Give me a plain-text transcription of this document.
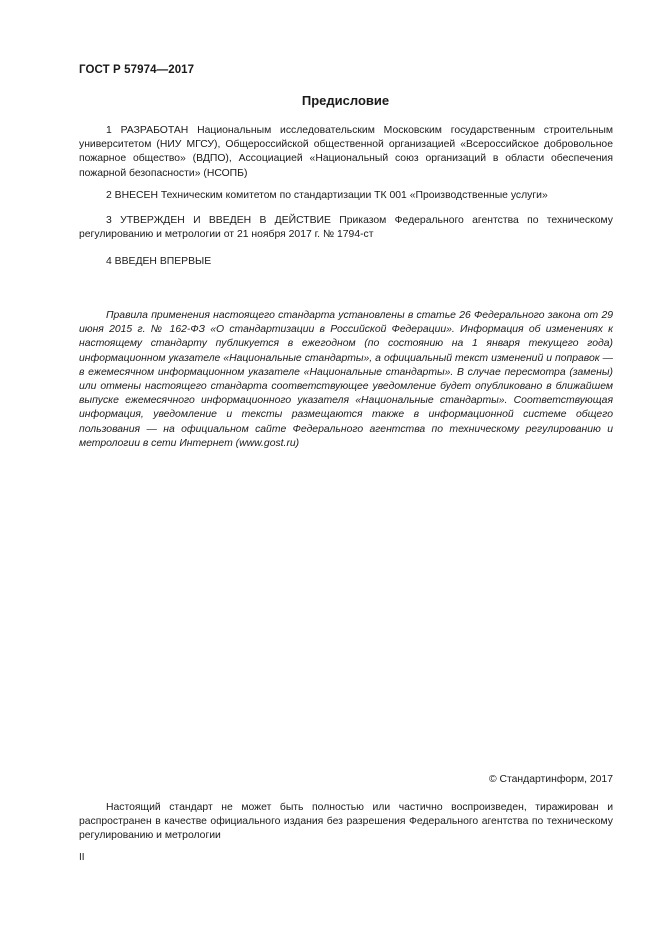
ГОСТ Р 57974—2017
Предисловие
1 РАЗРАБОТАН Национальным исследовательским Московским государственным строительным университетом (НИУ МГСУ), Общероссийской общественной организацией «Всероссийское добровольное пожарное общество» (ВДПО), Ассоциацией «Национальный союз организаций в области обеспечения пожарной безопасности» (НСОПБ)
2 ВНЕСЕН Техническим комитетом по стандартизации ТК 001 «Производственные услуги»
3 УТВЕРЖДЕН И ВВЕДЕН В ДЕЙСТВИЕ Приказом Федерального агентства по техническому регулированию и метрологии от 21 ноября 2017 г. № 1794-ст
4 ВВЕДЕН ВПЕРВЫЕ
Правила применения настоящего стандарта установлены в статье 26 Федерального закона от 29 июня 2015 г. № 162-ФЗ «О стандартизации в Российской Федерации». Информация об изменениях к настоящему стандарту публикуется в ежегодном (по состоянию на 1 января текущего года) информационном указателе «Национальные стандарты», а официальный текст изменений и поправок — в ежемесячном информационном указателе «Национальные стандарты». В случае пересмотра (замены) или отмены настоящего стандарта соответствующее уведомление будет опубликовано в ближайшем выпуске ежемесячного информационного указателя «Национальные стандарты». Соответствующая информация, уведомление и тексты размещаются также в информационной системе общего пользования — на официальном сайте Федерального агентства по техническому регулированию и метрологии в сети Интернет (www.gost.ru)
© Стандартинформ, 2017
Настоящий стандарт не может быть полностью или частично воспроизведен, тиражирован и распространен в качестве официального издания без разрешения Федерального агентства по техническому регулированию и метрологии
II
